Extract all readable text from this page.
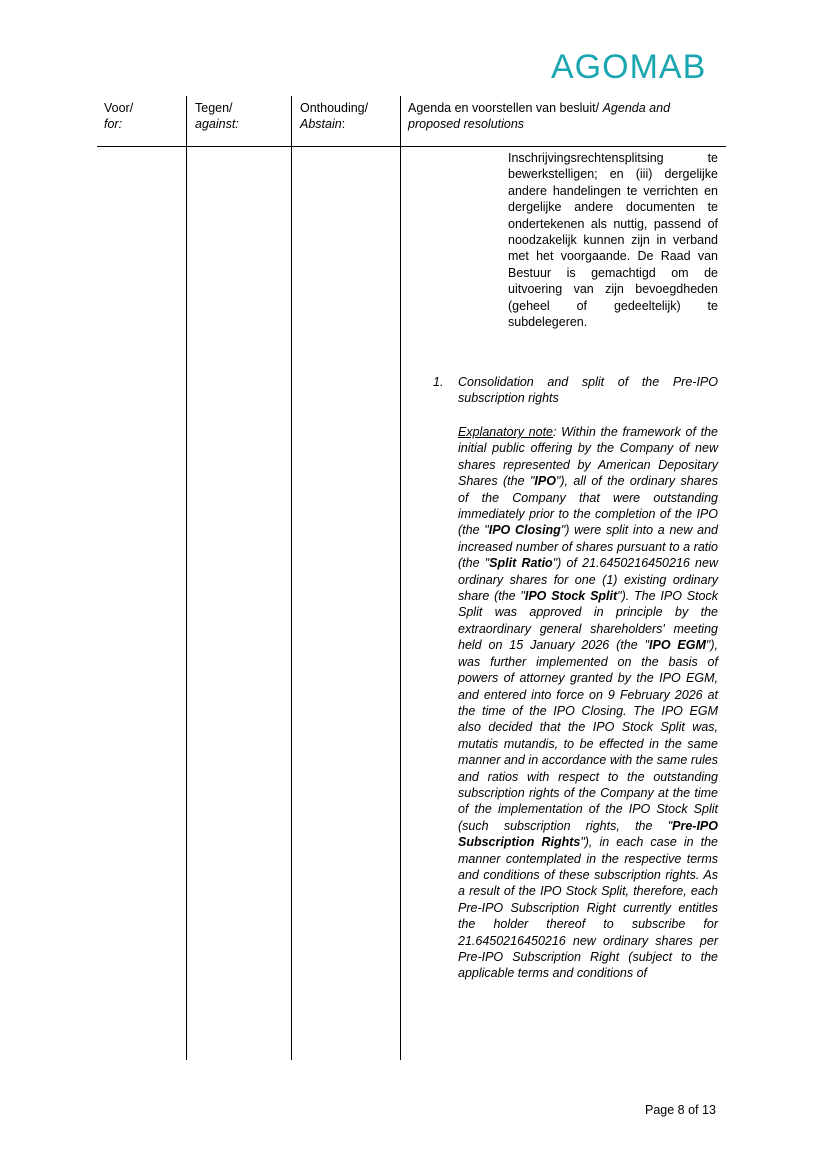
AGOMAB
Voor/
for:
Tegen/
against:
Onthouding/
Abstain:
Agenda en voorstellen van besluit/ Agenda and proposed resolutions
Inschrijvingsrechtensplitsing te bewerkstelligen; en (iii) dergelijke andere handelingen te verrichten en dergelijke andere documenten te ondertekenen als nuttig, passend of noodzakelijk kunnen zijn in verband met het voorgaande. De Raad van Bestuur is gemachtigd om de uitvoering van zijn bevoegdheden (geheel of gedeeltelijk) te subdelegeren.
1. Consolidation and split of the Pre-IPO subscription rights
Explanatory note: Within the framework of the initial public offering by the Company of new shares represented by American Depositary Shares (the "IPO"), all of the ordinary shares of the Company that were outstanding immediately prior to the completion of the IPO (the "IPO Closing") were split into a new and increased number of shares pursuant to a ratio (the "Split Ratio") of 21.6450216450216 new ordinary shares for one (1) existing ordinary share (the "IPO Stock Split"). The IPO Stock Split was approved in principle by the extraordinary general shareholders' meeting held on 15 January 2026 (the "IPO EGM"), was further implemented on the basis of powers of attorney granted by the IPO EGM, and entered into force on 9 February 2026 at the time of the IPO Closing. The IPO EGM also decided that the IPO Stock Split was, mutatis mutandis, to be effected in the same manner and in accordance with the same rules and ratios with respect to the outstanding subscription rights of the Company at the time of the implementation of the IPO Stock Split (such subscription rights, the "Pre-IPO Subscription Rights"), in each case in the manner contemplated in the respective terms and conditions of these subscription rights. As a result of the IPO Stock Split, therefore, each Pre-IPO Subscription Right currently entitles the holder thereof to subscribe for 21.6450216450216 new ordinary shares per Pre-IPO Subscription Right (subject to the applicable terms and conditions of
Page 8 of 13
